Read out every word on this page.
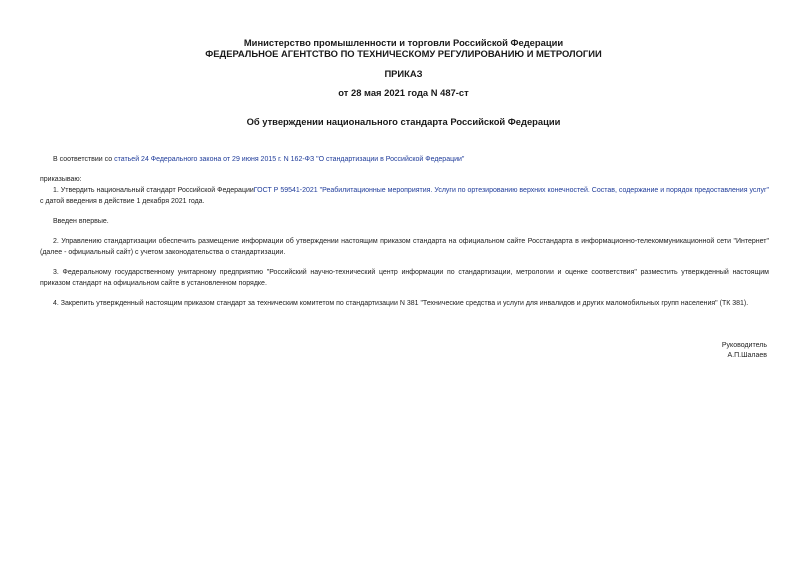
Министерство промышленности и торговли Российской Федерации
ФЕДЕРАЛЬНОЕ АГЕНТСТВО ПО ТЕХНИЧЕСКОМУ РЕГУЛИРОВАНИЮ И МЕТРОЛОГИИ
ПРИКАЗ
от 28 мая 2021 года N 487-ст
Об утверждении национального стандарта Российской Федерации
В соответствии со статьей 24 Федерального закона от 29 июня 2015 г. N 162-ФЗ "О стандартизации в Российской Федерации"
приказываю:
1. Утвердить национальный стандарт Российской ФедерацииГОСТ Р 59541-2021 "Реабилитационные мероприятия. Услуги по ортезированию верхних конечностей. Состав, содержание и порядок предоставления услуг" с датой введения в действие 1 декабря 2021 года.
Введен впервые.
2. Управлению стандартизации обеспечить размещение информации об утверждении настоящим приказом стандарта на официальном сайте Росстандарта в информационно-телекоммуникационной сети "Интернет" (далее - официальный сайт) с учетом законодательства о стандартизации.
3. Федеральному государственному унитарному предприятию "Российский научно-технический центр информации по стандартизации, метрологии и оценке соответствия" разместить утвержденный настоящим приказом стандарт на официальном сайте в установленном порядке.
4. Закрепить утвержденный настоящим приказом стандарт за техническим комитетом по стандартизации N 381 "Технические средства и услуги для инвалидов и других маломобильных групп населения" (ТК 381).
Руководитель
А.П.Шалаев
